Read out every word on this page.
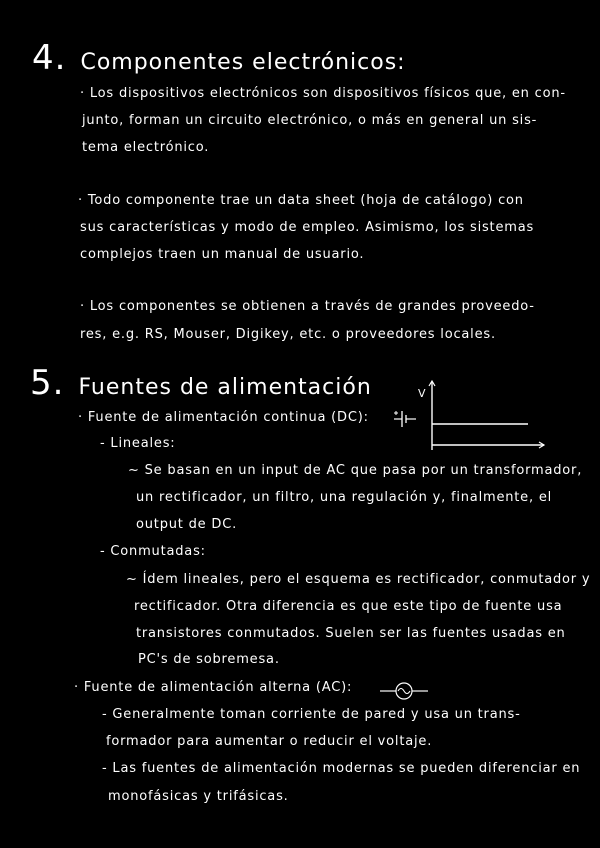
4. Componentes electrónicos:
· Los dispositivos electrónicos son dispositivos físicos que, en con-
junto, forman un circuito electrónico, o más en general un sis-
tema electrónico.
· Todo componente trae un data sheet (hoja de catálogo) con
sus características y modo de empleo. Asimismo, los sistemas
complejos traen un manual de usuario.
· Los componentes se obtienen a través de grandes proveedo-
res, e.g. RS, Mouser, Digikey, etc. o proveedores locales.
5. Fuentes de alimentación	V
· Fuente de alimentación continua (DC):
- Lineales:
~ Se basan en un input de AC que pasa por un transformador,
un rectificador, un filtro, una regulación y, finalmente, el
output de DC.
- Conmutadas:
~ Ídem lineales, pero el esquema es rectificador, conmutador y
rectificador. Otra diferencia es que este tipo de fuente usa
transistores conmutados. Suelen ser las fuentes usadas en
PC's de sobremesa.
· Fuente de alimentación alterna (AC):
- Generalmente toman corriente de pared y usa un trans-
formador para aumentar o reducir el voltaje.
- Las fuentes de alimentación modernas se pueden diferenciar en
monofásicas y trifásicas.
